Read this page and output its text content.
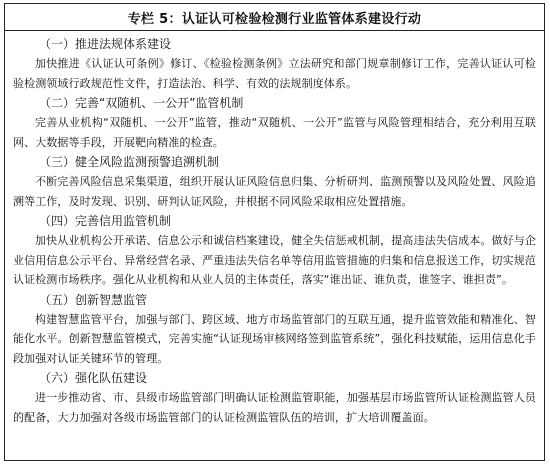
专栏 5：认证认可检验检测行业监管体系建设行动
（一）推进法规体系建设

加快推进《认证认可条例》修订、《检验检测条例》立法研究和部门规章制修订工作，完善认证认可检验检测领域行政规范性文件，打造法治、科学、有效的法规制度体系。

（二）完善“双随机、一公开”监管机制

完善从业机构“双随机、一公开”监管，推动“双随机、一公开”监管与风险管理相结合，充分利用互联网、大数据等手段，开展靶向精准的检查。

（三）健全风险监测预警追溯机制

不断完善风险信息采集渠道，组织开展认证风险信息归集、分析研判、监测预警以及风险处置、风险追溯等工作，及时发现、识别、研判认证风险，并根据不同风险采取相应处置措施。

（四）完善信用监管机制

加快从业机构公开承诺、信息公示和诚信档案建设，健全失信惩戒机制，提高违法失信成本。做好与企业信用信息公示平台、异常经营名录、严重违法失信名单等信用监管措施的归集和信息报送工作，切实规范认证检测市场秩序。强化从业机构和从业人员的主体责任，落实“谁出证、谁负责，谁签字、谁担责”。

（五）创新智慧监管

构建智慧监管平台，加强与部门、跨区域、地方市场监管部门的互联互通，提升监管效能和精准化、智能化水平。创新智慧监管模式，完善实施“认证现场审核网络签到监管系统”，强化科技赋能，运用信息化手段加强对认证关键环节的管理。

（六）强化队伍建设

进一步推动省、市、县级市场监管部门明确认证检测监管职能，加强基层市场监管所认证检测监管人员的配备，大力加强对各级市场监管部门的认证检测监管队伍的培训，扩大培训覆盖面。
